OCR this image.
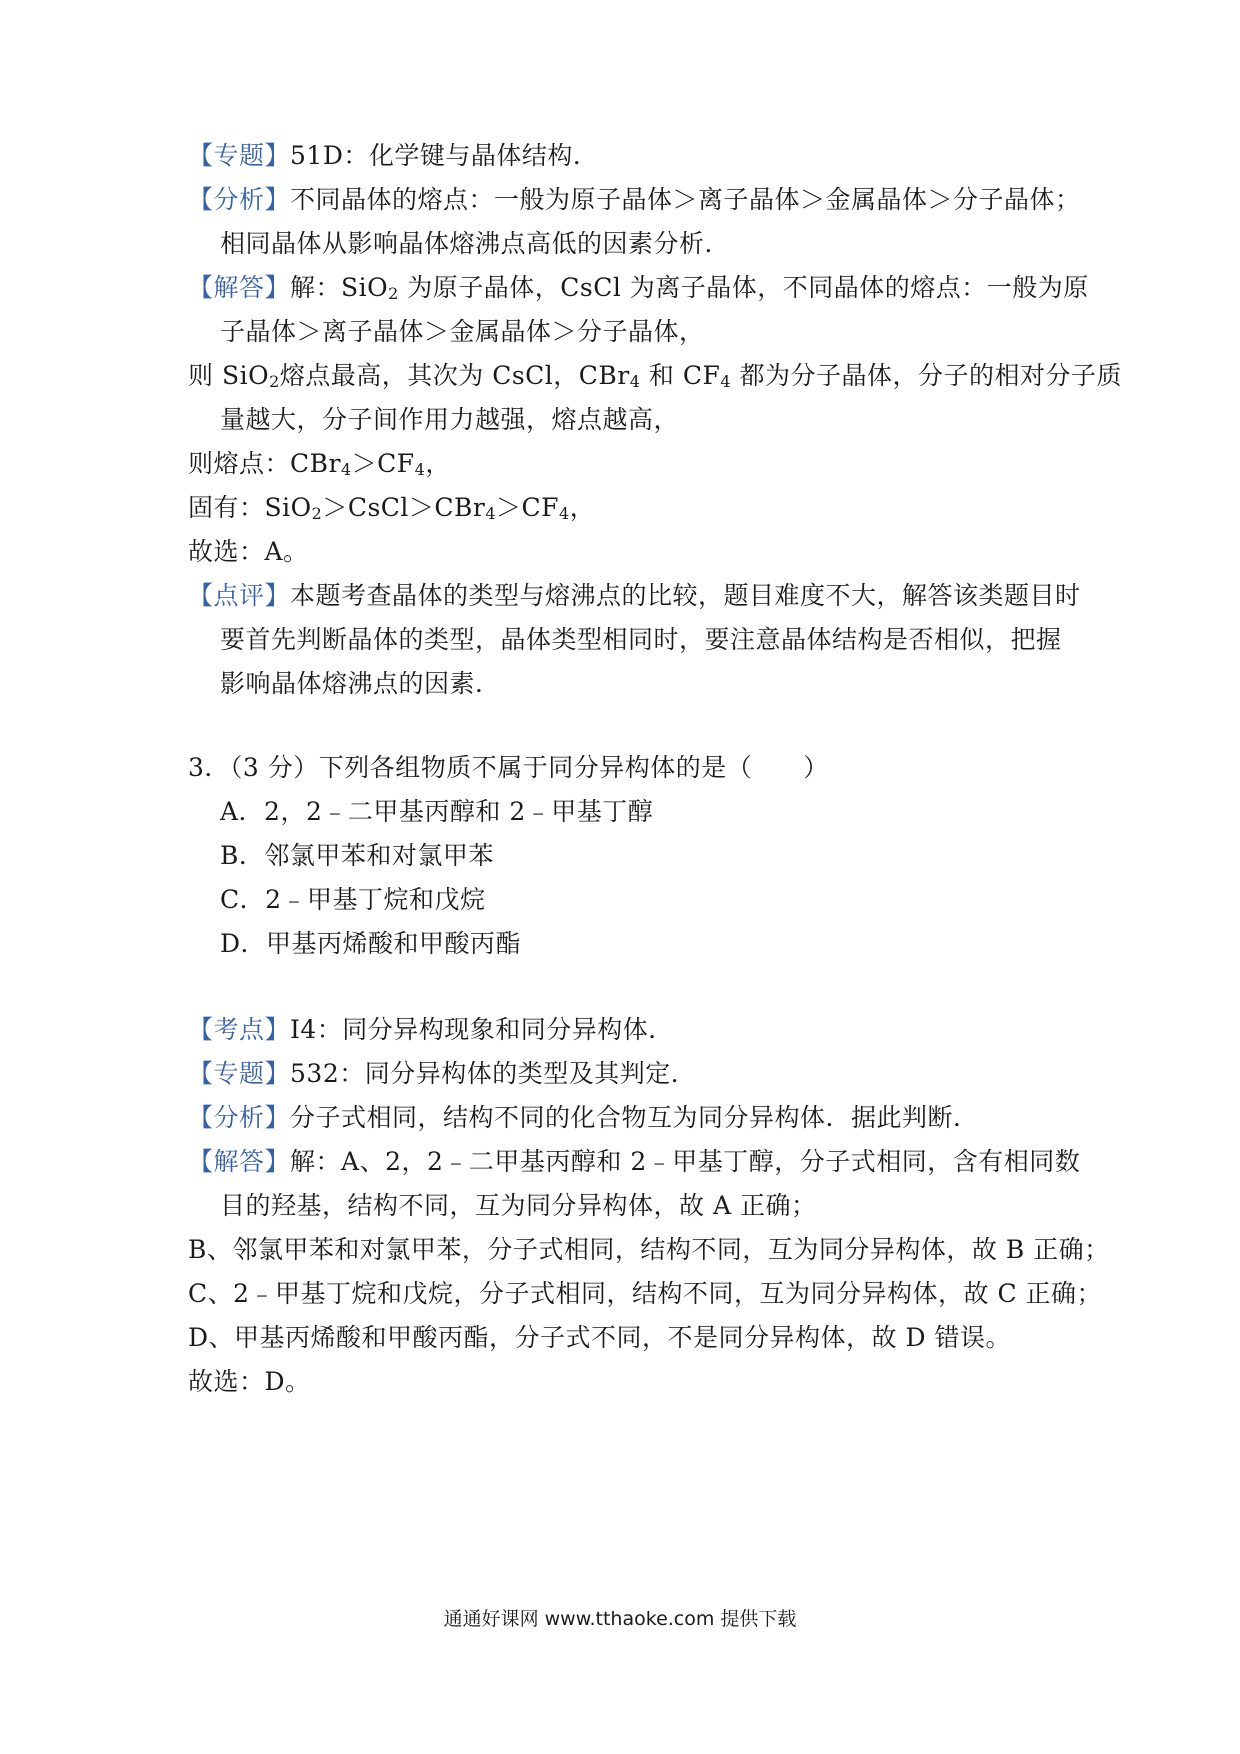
【专题】51D：化学键与晶体结构．
【分析】不同晶体的熔点：一般为原子晶体＞离子晶体＞金属晶体＞分子晶体；
相同晶体从影响晶体熔沸点高低的因素分析．
【解答】解：SiO$_2$ 为原子晶体，CsCl 为离子晶体，不同晶体的熔点：一般为原
子晶体＞离子晶体＞金属晶体＞分子晶体，
则 SiO$_2$熔点最高，其次为 CsCl，CBr$_4$ 和 $CF_4$ 都为分子晶体，分子的相对分子质
量越大，分子间作用力越强，熔点越高，
则熔点：$CBr_4>CF_4$，
固有：$SiO_2>CsCl>CBr_4>CF_4$，
故选：A。
【点评】本题考查晶体的类型与熔沸点的比较，题目难度不大，解答该类题目时
要首先判断晶体的类型，晶体类型相同时，要注意晶体结构是否相似，把握
影响晶体熔沸点的因素．
3．（3 分）下列各组物质不属于同分异构体的是（　　）
A．2，2﹣二甲基丙醇和 2﹣甲基丁醇
B．邻氯甲苯和对氯甲苯
C．2﹣甲基丁烷和戊烷
D．甲基丙烯酸和甲酸丙酯
【考点】I4：同分异构现象和同分异构体．
【专题】532：同分异构体的类型及其判定．
【分析】分子式相同，结构不同的化合物互为同分异构体．据此判断．
【解答】解：A、2，2﹣二甲基丙醇和 2﹣甲基丁醇，分子式相同，含有相同数
目的羟基，结构不同，互为同分异构体，故 A 正确；
B、邻氯甲苯和对氯甲苯，分子式相同，结构不同，互为同分异构体，故 B 正确；
C、2﹣甲基丁烷和戊烷，分子式相同，结构不同，互为同分异构体，故 C 正确；
D、甲基丙烯酸和甲酸丙酯，分子式不同，不是同分异构体，故 D 错误。
故选：D。
通通好课网 www.tthaoke.com 提供下载
